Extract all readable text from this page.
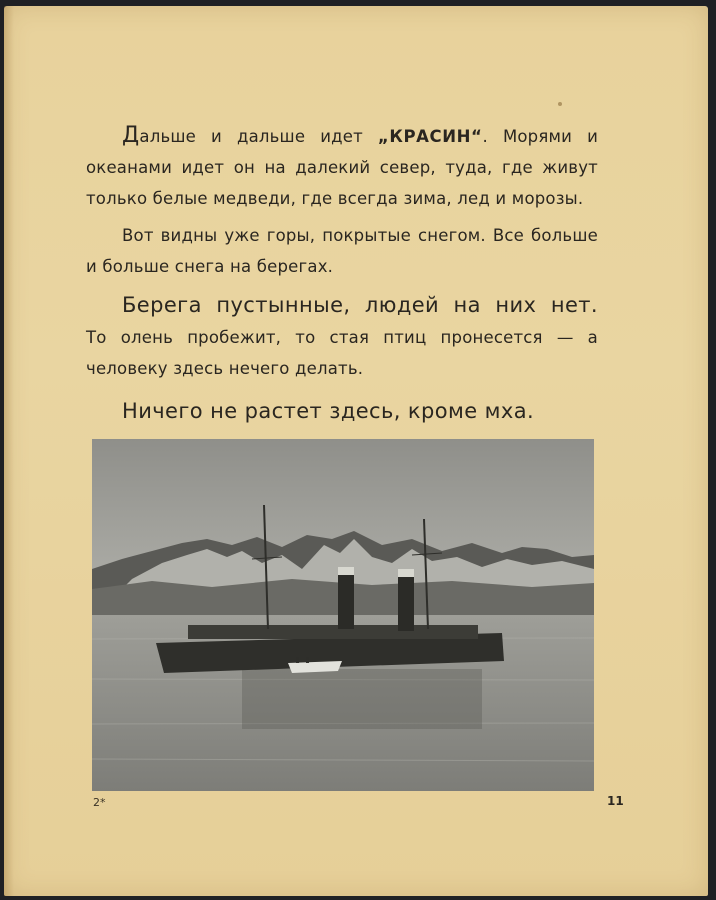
Дальше и дальше идет „КРАСИН“. Морями и океанами идет он на далекий север, туда, где живут только белые медведи, где всегда зима, лед и морозы.

Вот видны уже горы, покрытые снегом. Все больше и больше снега на берегах.

Берега пустынные, людей на них нет.

То олень пробежит, то стая птиц пронесется — а человеку здесь нечего делать.

Ничего не растет здесь, кроме мха.

2*	11
